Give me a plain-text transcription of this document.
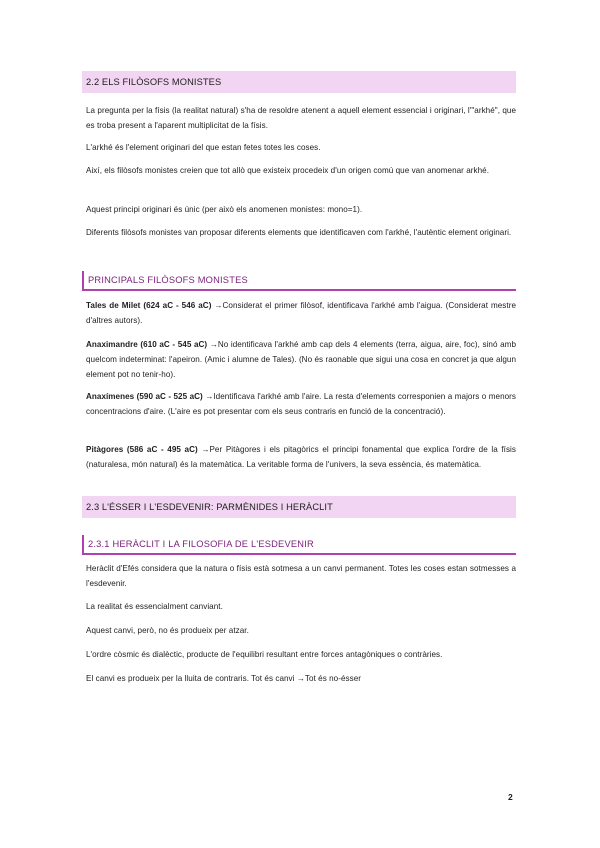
2.2 ELS FILÒSOFS MONISTES
La pregunta per la físis (la realitat natural) s'ha de resoldre atenent a aquell element essencial i originari, l'"arkhé", que es troba present a l'aparent multiplicitat de la físis.
L'arkhé és l'element originari del que estan fetes totes les coses.
Així, els filòsofs monistes creien que tot allò que existeix procedeix d'un origen comú que van anomenar arkhé.
Aquest principi originari és únic (per això els anomenen monistes: mono=1).
Diferents filòsofs monistes van proposar diferents elements que identificaven com l'arkhé, l'autèntic element originari.
PRINCIPALS FILÒSOFS MONISTES
Tales de Milet (624 aC - 546 aC) →Considerat el primer filòsof, identificava l'arkhé amb l'aigua. (Considerat mestre d'altres autors).
Anaximandre (610 aC - 545 aC) →No identificava l'arkhé amb cap dels 4 elements (terra, aigua, aire, foc), sinó amb quelcom indeterminat: l'apeiron. (Amic i alumne de Tales). (No és raonable que sigui una cosa en concret ja que algun element pot no tenir-ho).
Anaxímenes (590 aC - 525 aC) →Identificava l'arkhé amb l'aire. La resta d'elements corresponien a majors o menors concentracions d'aire. (L'aire es pot presentar com els seus contraris en funció de la concentració).
Pitàgores (586 aC - 495 aC) →Per Pitàgores i els pitagòrics el principi fonamental que explica l'ordre de la físis (naturalesa, món natural) és la matemàtica. La veritable forma de l'univers, la seva essència, és matemàtica.
2.3 L'ÉSSER I L'ESDEVENIR: PARMÈNIDES I HERÀCLIT
2.3.1 HERÀCLIT I LA FILOSOFIA DE L'ESDEVENIR
Heràclit d'Efés considera que la natura o físis està sotmesa a un canvi permanent. Totes les coses estan sotmesses a l'esdevenir.
La realitat és essencialment canviant.
Aquest canvi, però, no és produeix per atzar.
L'ordre còsmic és dialèctic, producte de l'equilibri resultant entre forces antagòniques o contràries.
El canvi es produeix per la lluita de contraris. Tot és canvi →Tot és no-ésser
2
